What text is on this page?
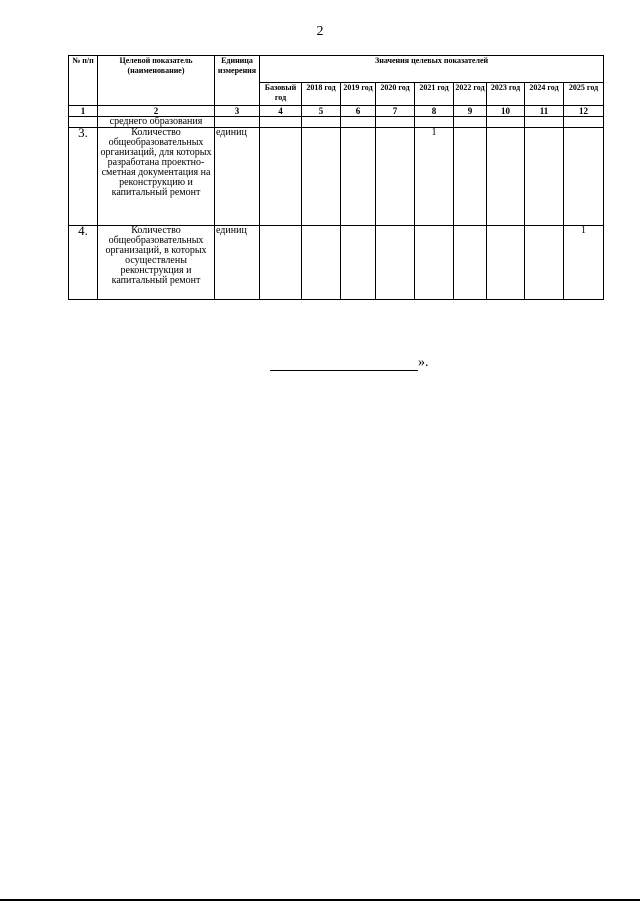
2
№ п/п	Целевой показатель (наименование)	Единица измерения	Значения целевых показателей								
			Базовый год	2018 год	2019 год	2020 год	2021 год	2022 год	2023 год	2024 год	2025 год
1	2	3	4	5	6	7	8	9	10	11	12
	среднего образования										
3.	Количество общеобразовательных организаций, для которых разработана проектно-сметная документация на реконструкцию и капитальный ремонт	единиц					1				
4.	Количество общеобразовательных организаций, в которых осуществлены реконструкция и капитальный ремонт	единиц									1
».
